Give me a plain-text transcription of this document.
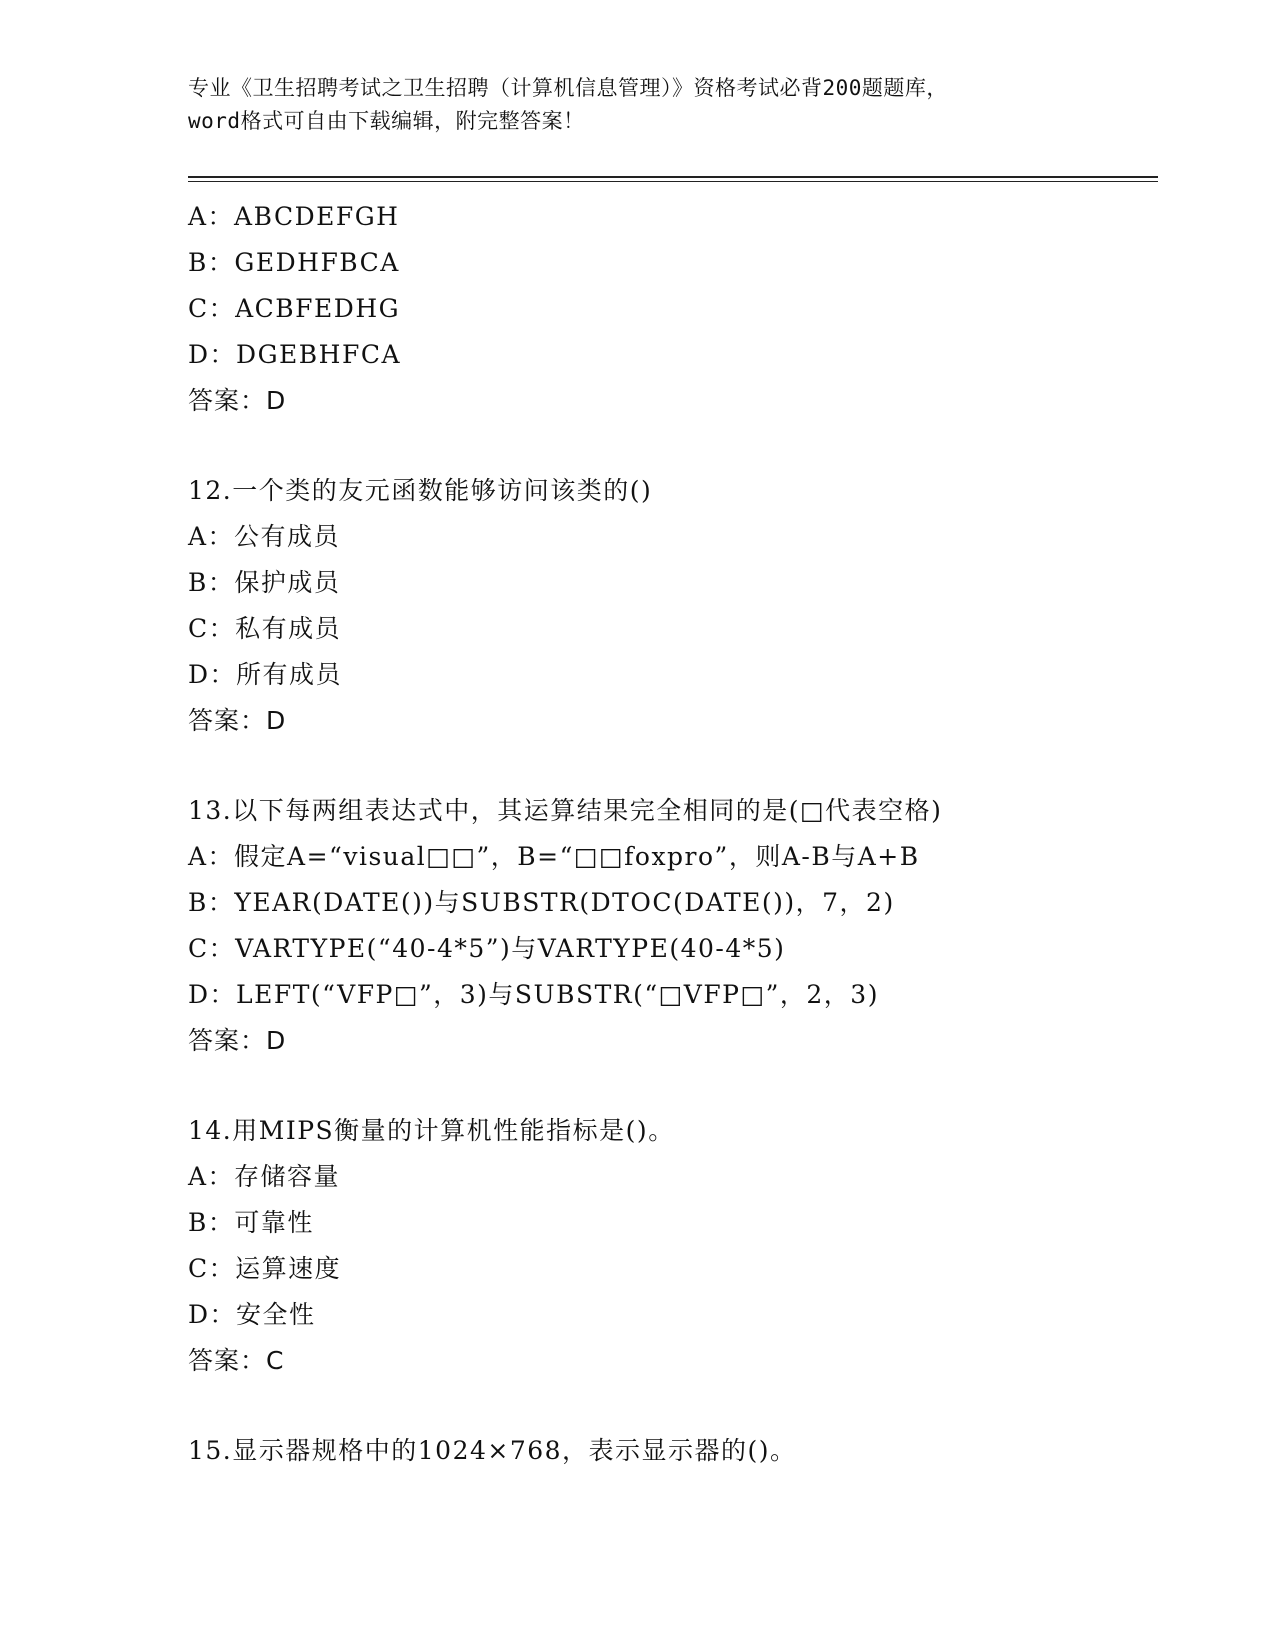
专业《卫生招聘考试之卫生招聘（计算机信息管理）》资格考试必背200题题库，
word格式可自由下载编辑，附完整答案！
A：ABCDEFGH
B：GEDHFBCA
C：ACBFEDHG
D：DGEBHFCA
答案：D
12.一个类的友元函数能够访问该类的()
A：公有成员
B：保护成员
C：私有成员
D：所有成员
答案：D
13.以下每两组表达式中，其运算结果完全相同的是(□代表空格)
A：假定A=“visual□□”，B=“□□foxpro”，则A-B与A+B
B：YEAR(DATE())与SUBSTR(DTOC(DATE())，7，2)
C：VARTYPE(“40-4*5”)与VARTYPE(40-4*5)
D：LEFT(“VFP□”，3)与SUBSTR(“□VFP□”，2，3)
答案：D
14.用MIPS衡量的计算机性能指标是()。
A：存储容量
B：可靠性
C：运算速度
D：安全性
答案：C
15.显示器规格中的1024×768，表示显示器的()。
